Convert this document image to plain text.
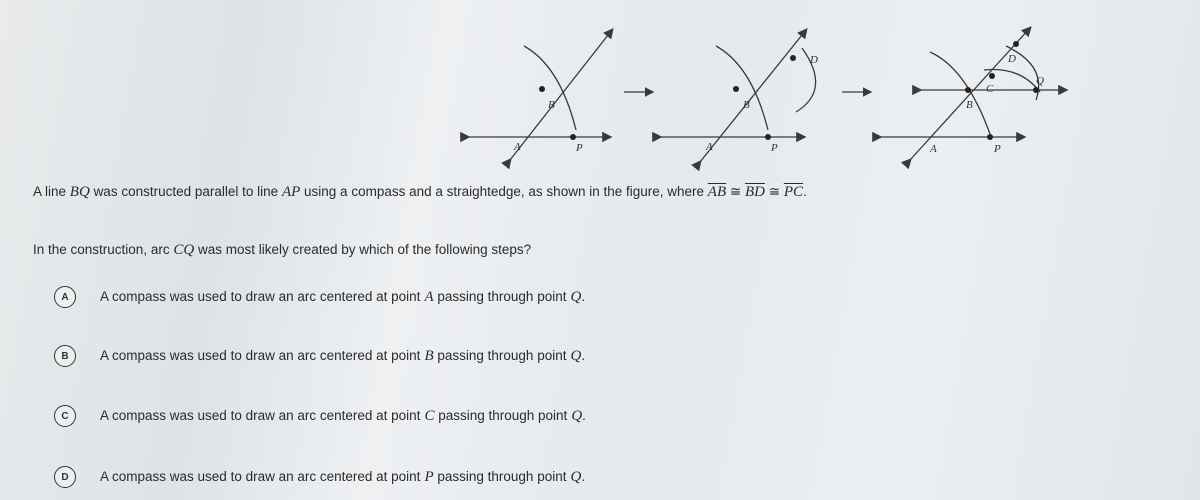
A
B
P	A
B
P
D
A
B
P
D
C
Q
A line BQ was constructed parallel to line AP using a compass and a straightedge, as shown in the figure, where $\overline{AB}$ ≅ $\overline{BD}$ ≅ $\overline{PC}$.
In the construction, arc CQ was most likely created by which of the following steps?
A	A compass was used to draw an arc centered at point A passing through point Q.
B	A compass was used to draw an arc centered at point B passing through point Q.
C	A compass was used to draw an arc centered at point C passing through point Q.
D	A compass was used to draw an arc centered at point P passing through point Q.
